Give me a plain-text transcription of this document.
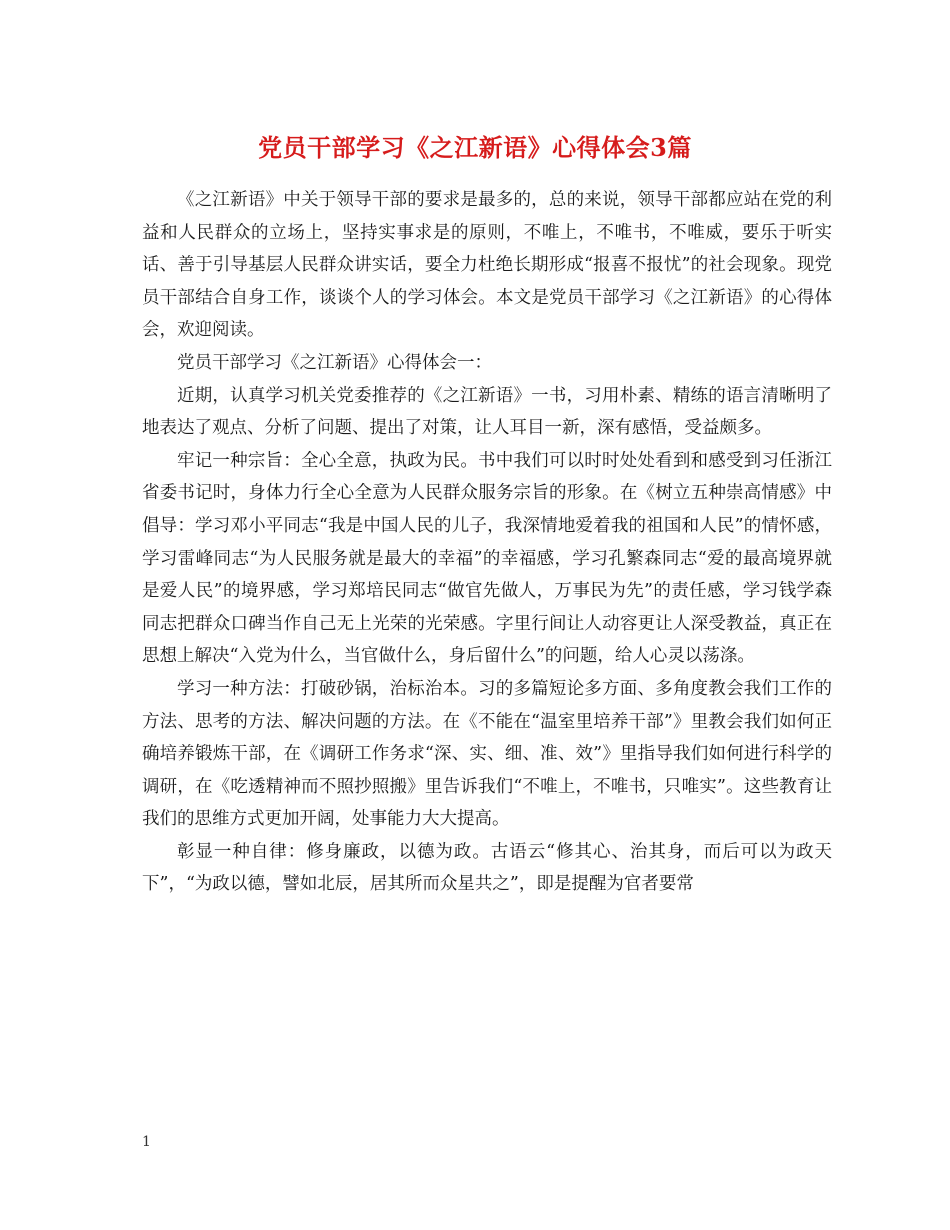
党员干部学习《之江新语》心得体会3篇

《之江新语》中关于领导干部的要求是最多的，总的来说，领导干部都应站在党的利益和人民群众的立场上，坚持实事求是的原则，不唯上，不唯书，不唯威，要乐于听实话、善于引导基层人民群众讲实话，要全力杜绝长期形成“报喜不报忧”的社会现象。现党员干部结合自身工作，谈谈个人的学习体会。本文是党员干部学习《之江新语》的心得体会，欢迎阅读。

党员干部学习《之江新语》心得体会一：

近期，认真学习机关党委推荐的《之江新语》一书，习用朴素、精练的语言清晰明了地表达了观点、分析了问题、提出了对策，让人耳目一新，深有感悟，受益颇多。

牢记一种宗旨：全心全意，执政为民。书中我们可以时时处处看到和感受到习任浙江省委书记时，身体力行全心全意为人民群众服务宗旨的形象。在《树立五种崇高情感》中倡导：学习邓小平同志“我是中国人民的儿子，我深情地爱着我的祖国和人民”的情怀感，学习雷峰同志“为人民服务就是最大的幸福”的幸福感，学习孔繁森同志“爱的最高境界就是爱人民”的境界感，学习郑培民同志“做官先做人，万事民为先”的责任感，学习钱学森同志把群众口碑当作自己无上光荣的光荣感。字里行间让人动容更让人深受教益，真正在思想上解决“入党为什么，当官做什么，身后留什么”的问题，给人心灵以荡涤。

学习一种方法：打破砂锅，治标治本。习的多篇短论多方面、多角度教会我们工作的方法、思考的方法、解决问题的方法。在《不能在“温室里培养干部”》里教会我们如何正确培养锻炼干部，在《调研工作务求“深、实、细、准、效”》里指导我们如何进行科学的调研，在《吃透精神而不照抄照搬》里告诉我们“不唯上，不唯书，只唯实”。这些教育让我们的思维方式更加开阔，处事能力大大提高。

彰显一种自律：修身廉政，以德为政。古语云“修其心、治其身，而后可以为政天下”，“为政以德，譬如北辰，居其所而众星共之”，即是提醒为官者要常

1
